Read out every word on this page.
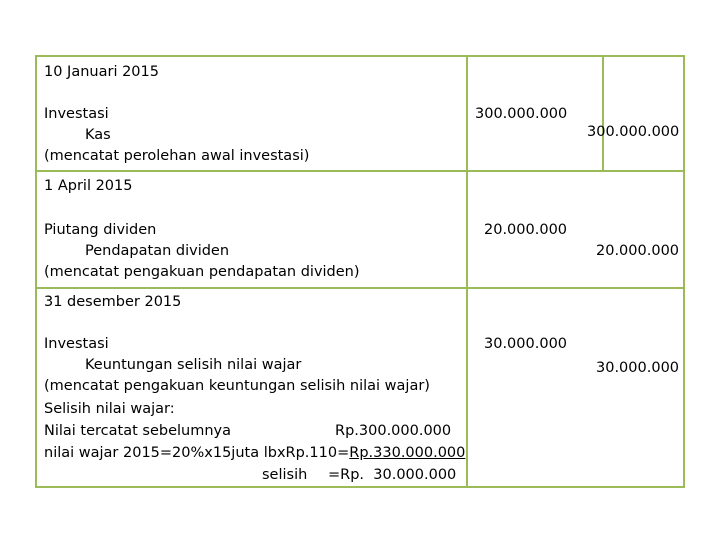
10 Januari 2015
Investasi
Kas
(mencatat perolehan awal investasi)
300.000.000
300.000.000
1 April 2015
Piutang dividen
Pendapatan dividen
(mencatat pengakuan pendapatan dividen)
20.000.000
20.000.000
31 desember 2015
Investasi
Keuntungan selisih nilai wajar
(mencatat pengakuan keuntungan selisih nilai wajar)
Selisih nilai wajar:
Nilai tercatat sebelumnya	Rp.300.000.000
nilai wajar 2015=20%x15juta lbxRp.110=Rp.330.000.000
selisih =Rp.  30.000.000
30.000.000
30.000.000
